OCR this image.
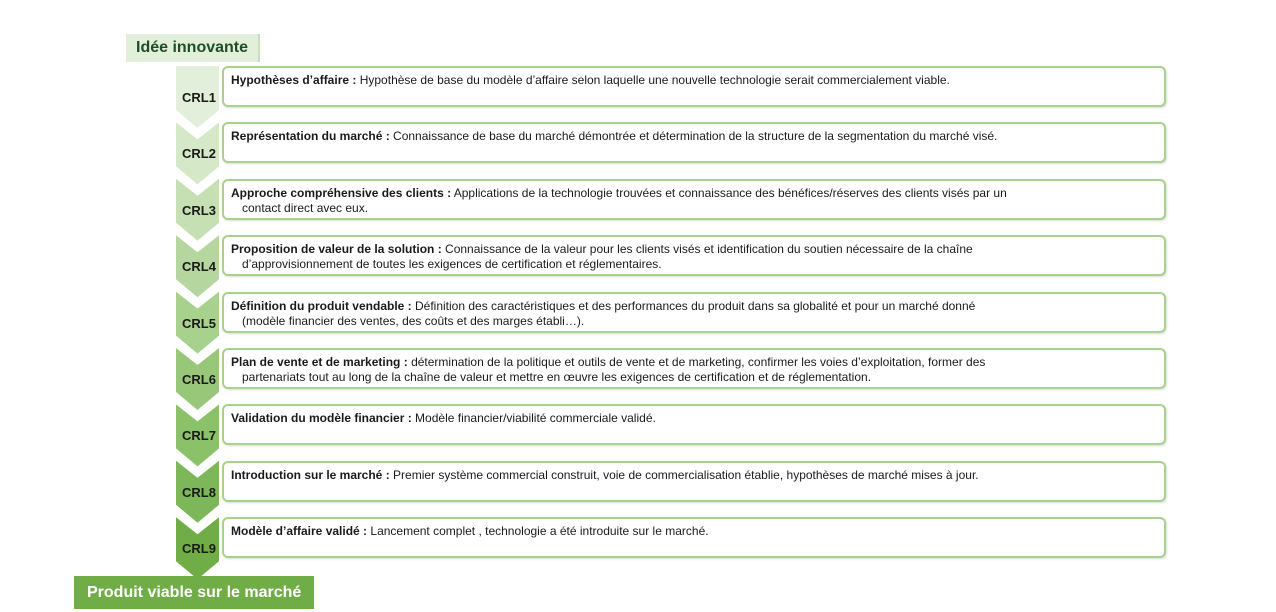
Idée innovante
CRL1
Hypothèses d’affaire : Hypothèse de base du modèle d’affaire selon laquelle une nouvelle technologie serait commercialement viable.
CRL2
Représentation du marché : Connaissance de base du marché démontrée et détermination de la structure de la segmentation du marché visé.
CRL3
Approche compréhensive des clients : Applications de la technologie trouvées et connaissance des bénéfices/réserves des clients visés par un
contact direct avec eux.
CRL4
Proposition de valeur de la solution : Connaissance de la valeur pour les clients visés et identification du soutien nécessaire de la chaîne
d’approvisionnement de toutes les exigences de certification et réglementaires.
CRL5
Définition du produit vendable : Définition des caractéristiques et des performances du produit dans sa globalité et pour un marché donné
(modèle financier des ventes, des coûts et des marges établi…).
CRL6
Plan de vente et de marketing : détermination de la politique et outils de vente et de marketing, confirmer les voies d’exploitation, former des
partenariats tout au long de la chaîne de valeur et mettre en œuvre les exigences de certification et de réglementation.
CRL7
Validation du modèle financier : Modèle financier/viabilité commerciale validé.
CRL8
Introduction sur le marché : Premier système commercial construit, voie de commercialisation établie, hypothèses de marché mises à jour.
CRL9
Modèle d’affaire validé : Lancement complet , technologie a été introduite sur le marché.
Produit viable sur le marché
